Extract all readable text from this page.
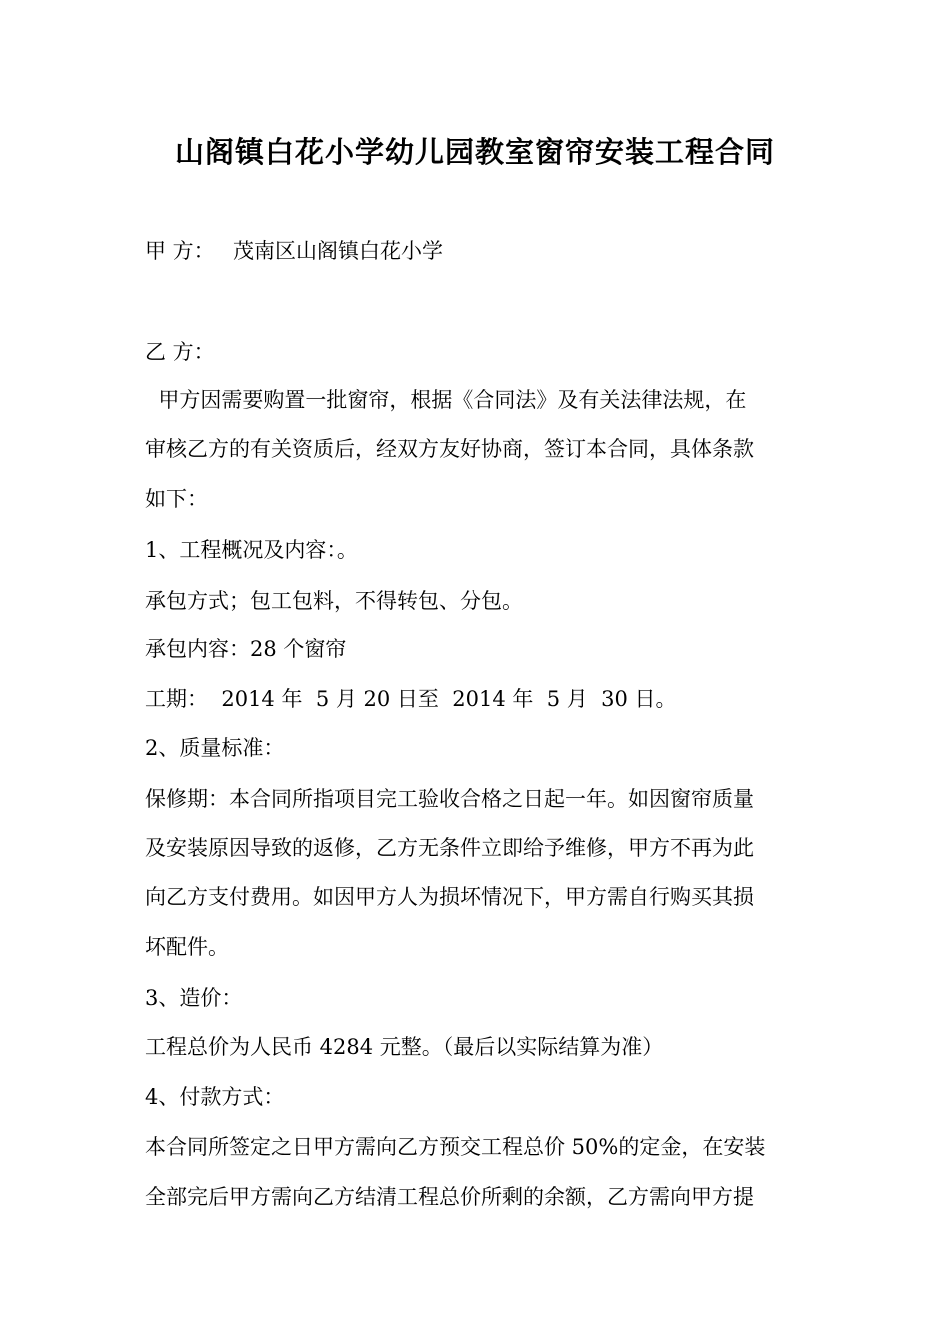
山阁镇白花小学幼儿园教室窗帘安装工程合同
甲 方： 茂南区山阁镇白花小学
乙 方：
甲方因需要购置一批窗帘，根据《合同法》及有关法律法规，在
审核乙方的有关资质后，经双方友好协商，签订本合同，具体条款
如下：
1、工程概况及内容：。
承包方式；包工包料，不得转包、分包。
承包内容：28 个窗帘
工期：  2014 年  5 月 20 日至  2014 年  5 月  30 日。
2、质量标准：
保修期：本合同所指项目完工验收合格之日起一年。如因窗帘质量
及安装原因导致的返修，乙方无条件立即给予维修，甲方不再为此
向乙方支付费用。如因甲方人为损坏情况下，甲方需自行购买其损
坏配件。
3、造价：
工程总价为人民币 4284 元整。（最后以实际结算为准）
4、付款方式：
本合同所签定之日甲方需向乙方预交工程总价 50%的定金，在安装
全部完后甲方需向乙方结清工程总价所剩的余额，乙方需向甲方提
